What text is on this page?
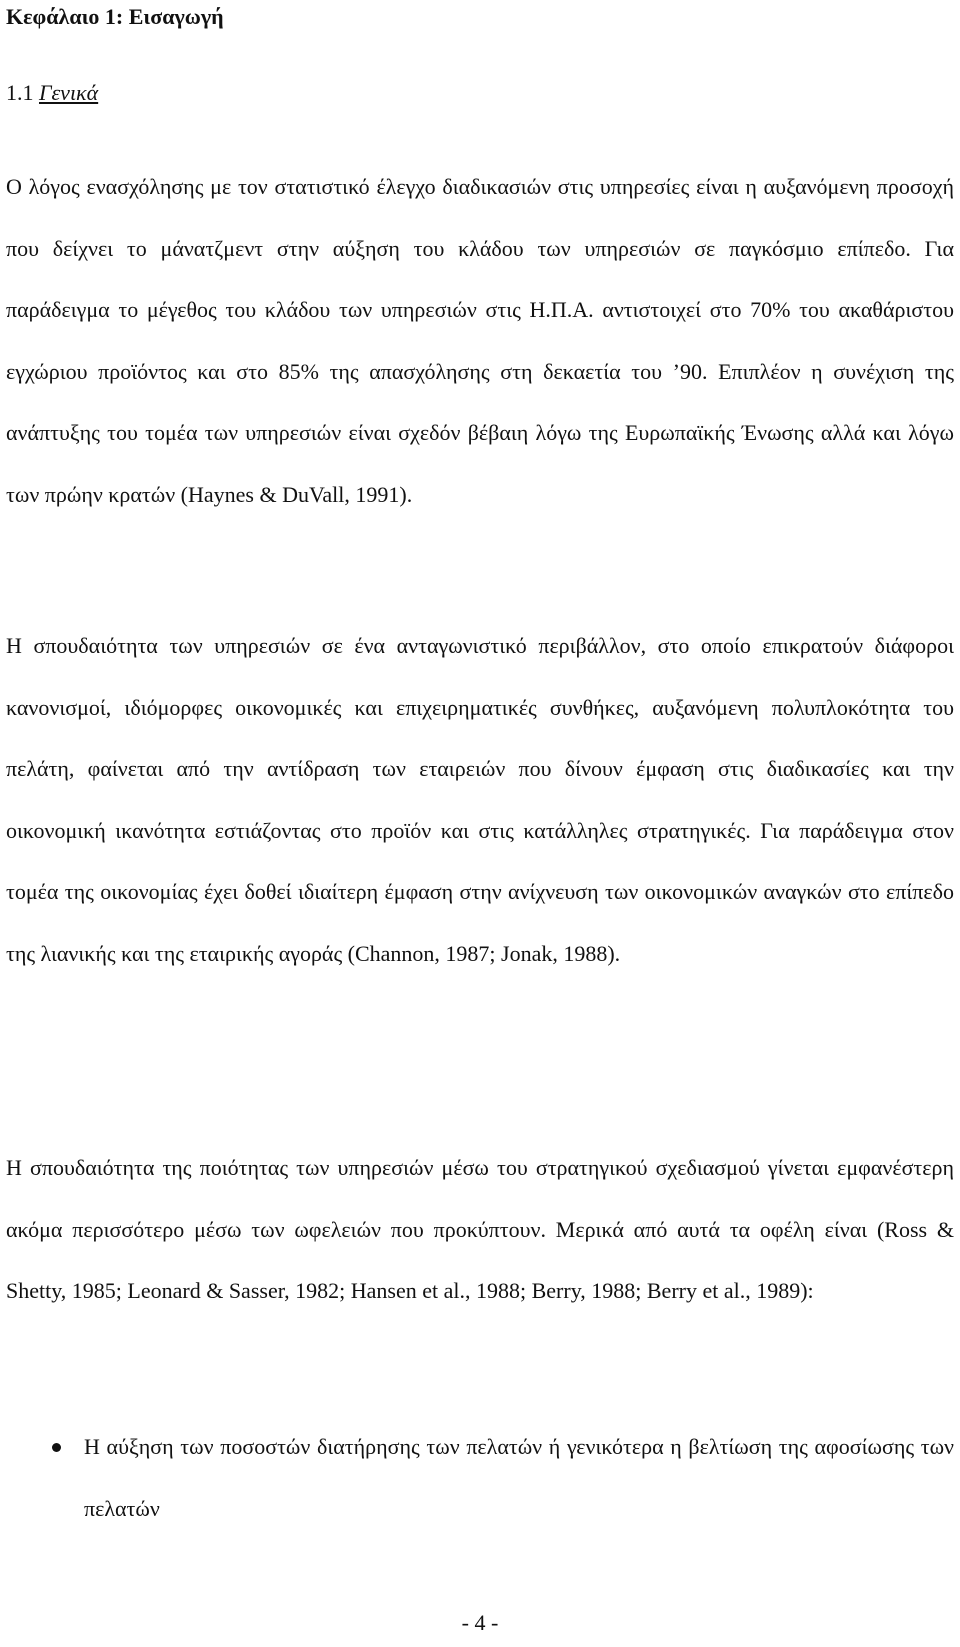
Κεφάλαιο 1: Εισαγωγή
1.1 Γενικά

Ο λόγος ενασχόλησης με τον στατιστικό έλεγχο διαδικασιών στις υπηρεσίες είναι η αυξανόμενη προσοχή που δείχνει το μάνατζμεντ στην αύξηση του κλάδου των υπηρεσιών σε παγκόσμιο επίπεδο. Για παράδειγμα το μέγεθος του κλάδου των υπηρεσιών στις Η.Π.Α. αντιστοιχεί στο 70% του ακαθάριστου εγχώριου προϊόντος και στο 85% της απασχόλησης στη δεκαετία του ’90. Επιπλέον η συνέχιση της ανάπτυξης του τομέα των υπηρεσιών είναι σχεδόν βέβαιη λόγω της Ευρωπαϊκής Ένωσης αλλά και λόγω των πρώην κρατών (Haynes & DuVall, 1991).

Η σπουδαιότητα των υπηρεσιών σε ένα ανταγωνιστικό περιβάλλον, στο οποίο επικρατούν διάφοροι κανονισμοί, ιδιόμορφες οικονομικές και επιχειρηματικές συνθήκες, αυξανόμενη πολυπλοκότητα του πελάτη, φαίνεται από την αντίδραση των εταιρειών που δίνουν έμφαση στις διαδικασίες και την οικονομική ικανότητα εστιάζοντας στο προϊόν και στις κατάλληλες στρατηγικές. Για παράδειγμα στον τομέα της οικονομίας έχει δοθεί ιδιαίτερη έμφαση στην ανίχνευση των οικονομικών αναγκών στο επίπεδο της λιανικής και της εταιρικής αγοράς (Channon, 1987; Jonak, 1988).

Η σπουδαιότητα της ποιότητας των υπηρεσιών μέσω του στρατηγικού σχεδιασμού γίνεται εμφανέστερη ακόμα περισσότερο μέσω των ωφελειών που προκύπτουν. Μερικά από αυτά τα οφέλη είναι (Ross & Shetty, 1985; Leonard & Sasser, 1982; Hansen et al., 1988; Berry, 1988; Berry et al., 1989):

Η αύξηση των ποσοστών διατήρησης των πελατών ή γενικότερα η βελτίωση της αφοσίωσης των πελατών

- 4 -
